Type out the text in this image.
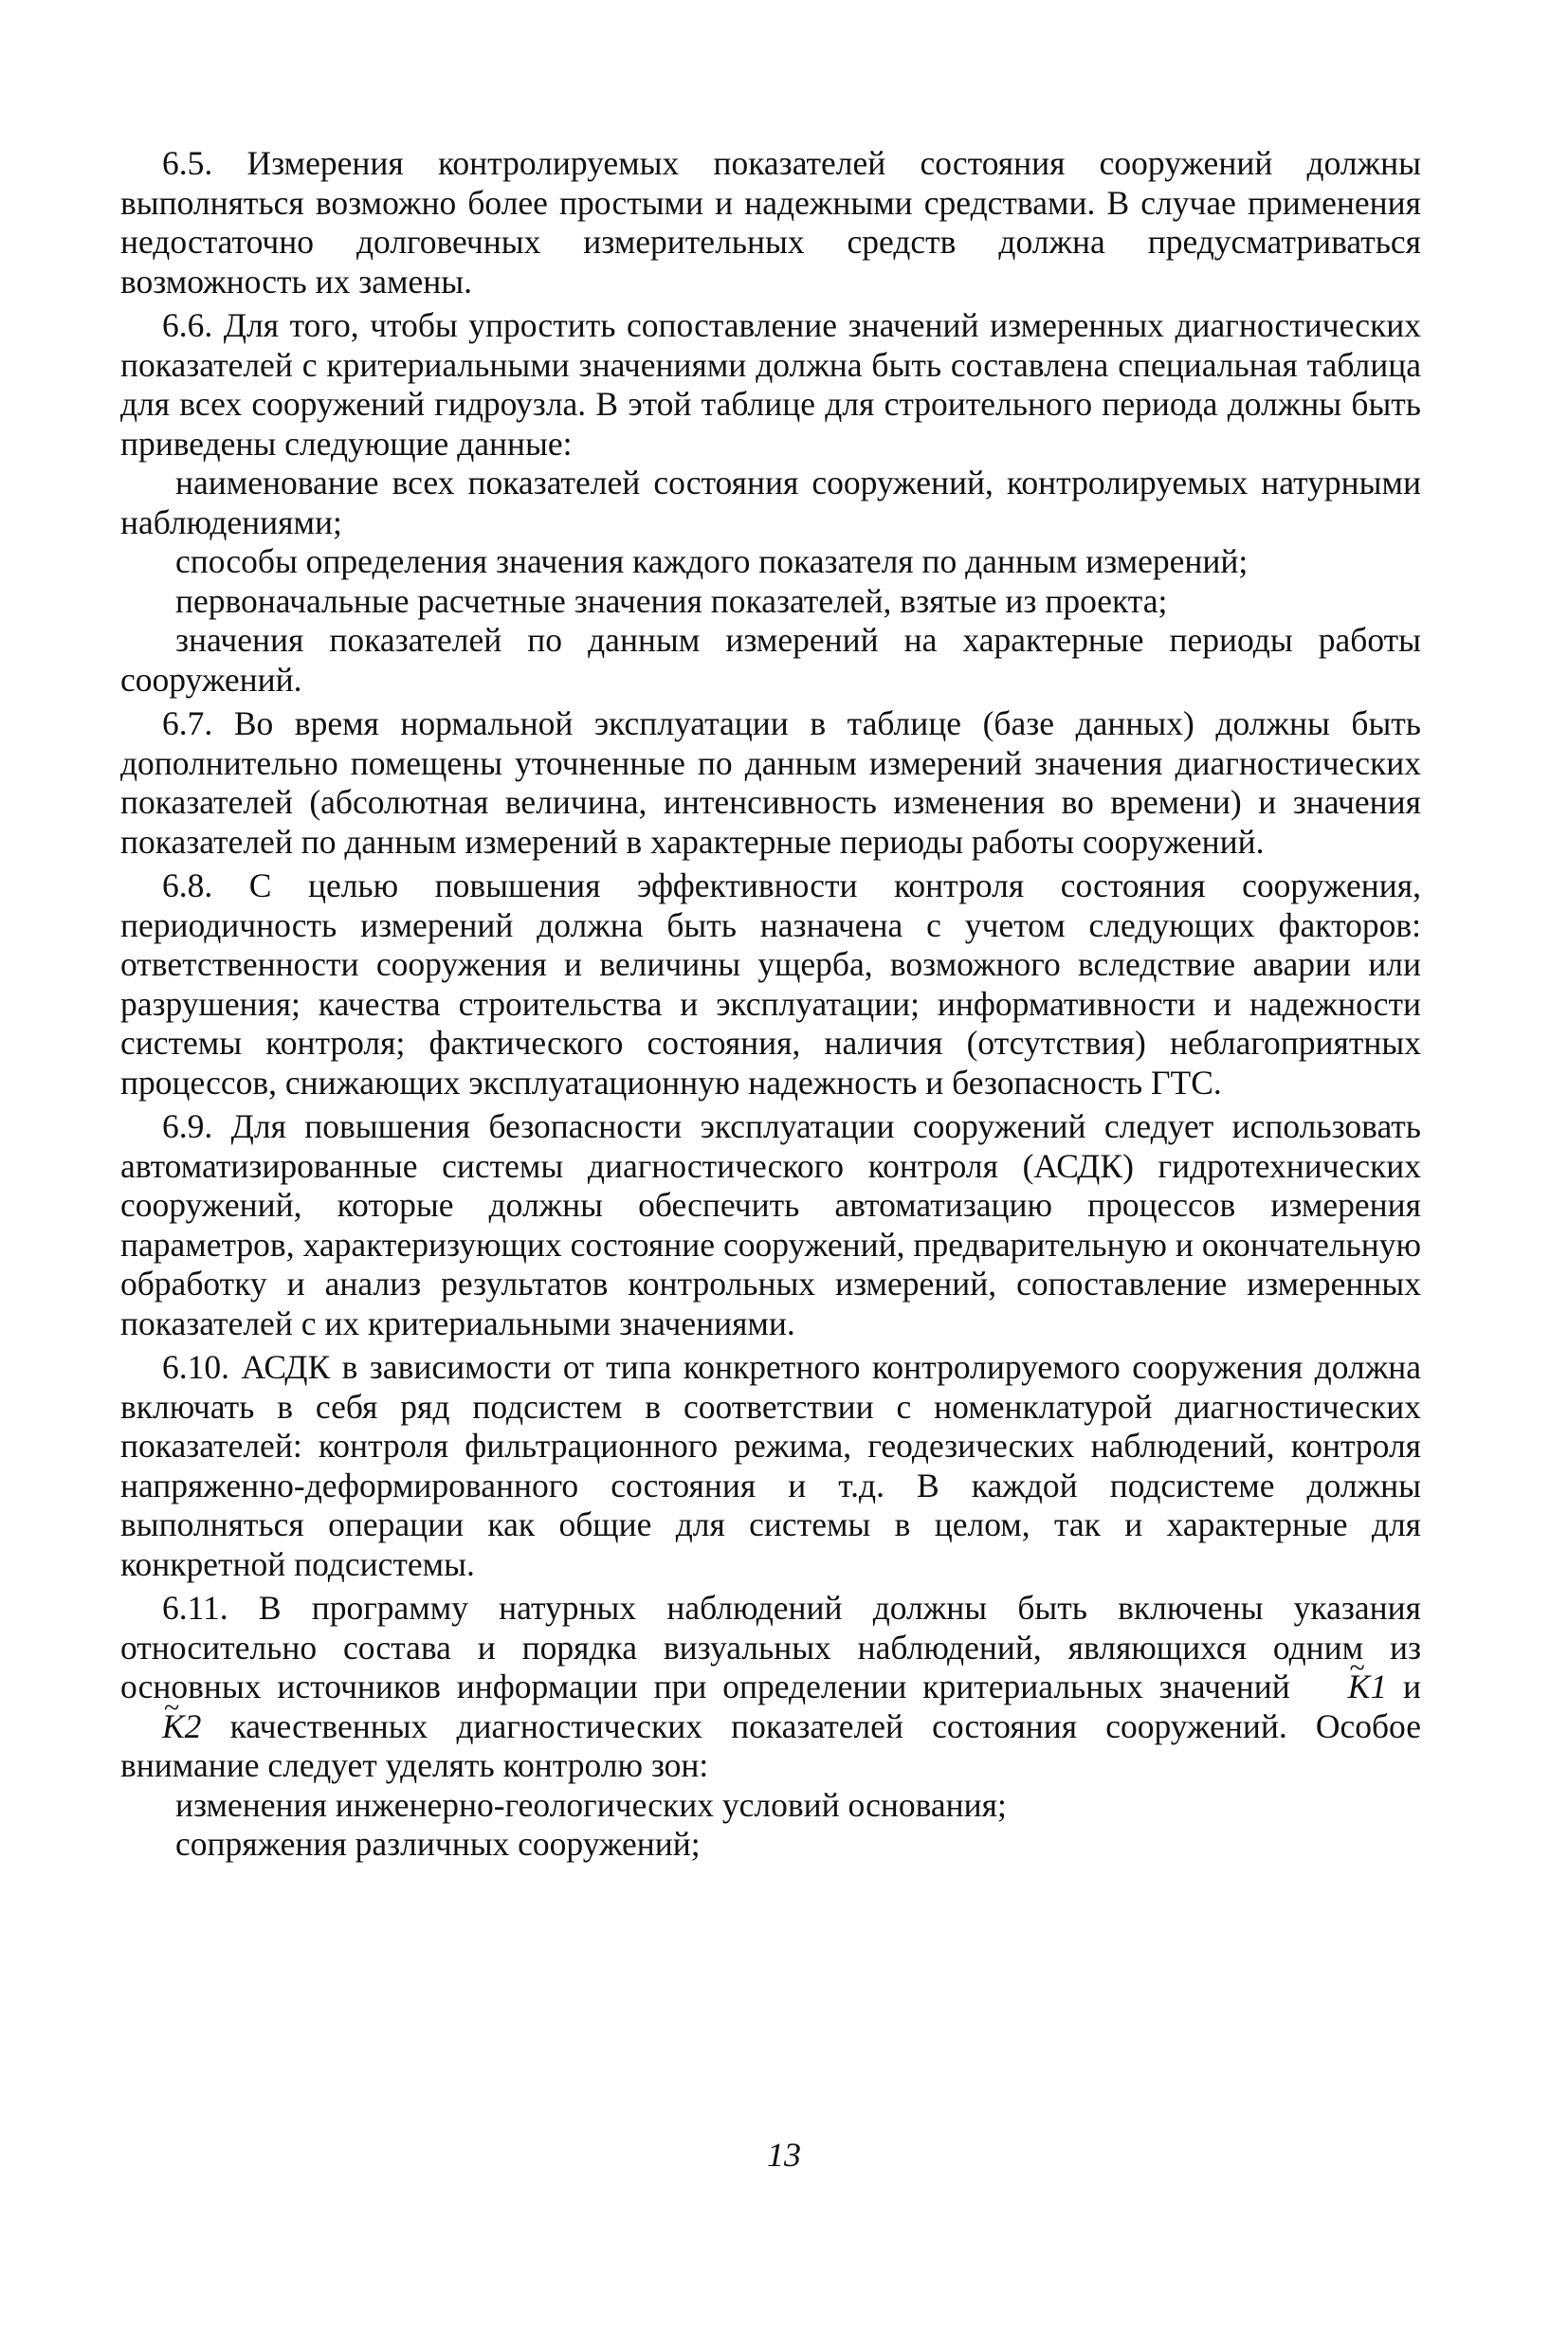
6.5. Измерения контролируемых показателей состояния сооружений должны выполняться возможно более простыми и надежными средствами. В случае применения недостаточно долговечных измерительных средств должна предусматриваться возможность их замены.

6.6. Для того, чтобы упростить сопоставление значений измеренных диагностических показателей с критериальными значениями должна быть составлена специальная таблица для всех сооружений гидроузла. В этой таблице для строительного периода должны быть приведены следующие данные:

наименование всех показателей состояния сооружений, контролируемых натурными наблюдениями;

способы определения значения каждого показателя по данным измерений;

первоначальные расчетные значения показателей, взятые из проекта;

значения показателей по данным измерений на характерные периоды работы сооружений.

6.7. Во время нормальной эксплуатации в таблице (базе данных) должны быть дополнительно помещены уточненные по данным измерений значения диагностических показателей (абсолютная величина, интенсивность изменения во времени) и значения показателей по данным измерений в характерные периоды работы сооружений.

6.8. С целью повышения эффективности контроля состояния сооружения, периодичность измерений должна быть назначена с учетом следующих факторов: ответственности сооружения и величины ущерба, возможного вследствие аварии или разрушения; качества строительства и эксплуатации; информативности и надежности системы контроля; фактического состояния, наличия (отсутствия) неблагоприятных процессов, снижающих эксплуатационную надежность и безопасность ГТС.

6.9. Для повышения безопасности эксплуатации сооружений следует использовать автоматизированные системы диагностического контроля (АСДК) гидротехнических сооружений, которые должны обеспечить автоматизацию процессов измерения параметров, характеризующих состояние сооружений, предварительную и окончательную обработку и анализ результатов контрольных измерений, сопоставление измеренных показателей с их критериальными значениями.

6.10. АСДК в зависимости от типа конкретного контролируемого сооружения должна включать в себя ряд подсистем в соответствии с номенклатурой диагностических показателей: контроля фильтрационного режима, геодезических наблюдений, контроля напряженно-деформированного состояния и т.д. В каждой подсистеме должны выполняться операции как общие для системы в целом, так и характерные для конкретной подсистемы.

6.11. В программу натурных наблюдений должны быть включены указания относительно состава и порядка визуальных наблюдений, являющихся одним из основных источников информации при определении критериальных значений ~ K1 и ~ K2 качественных диагностических показателей состояния сооружений. Особое внимание следует уделять контролю зон:

изменения инженерно-геологических условий основания;

сопряжения различных сооружений;

13
